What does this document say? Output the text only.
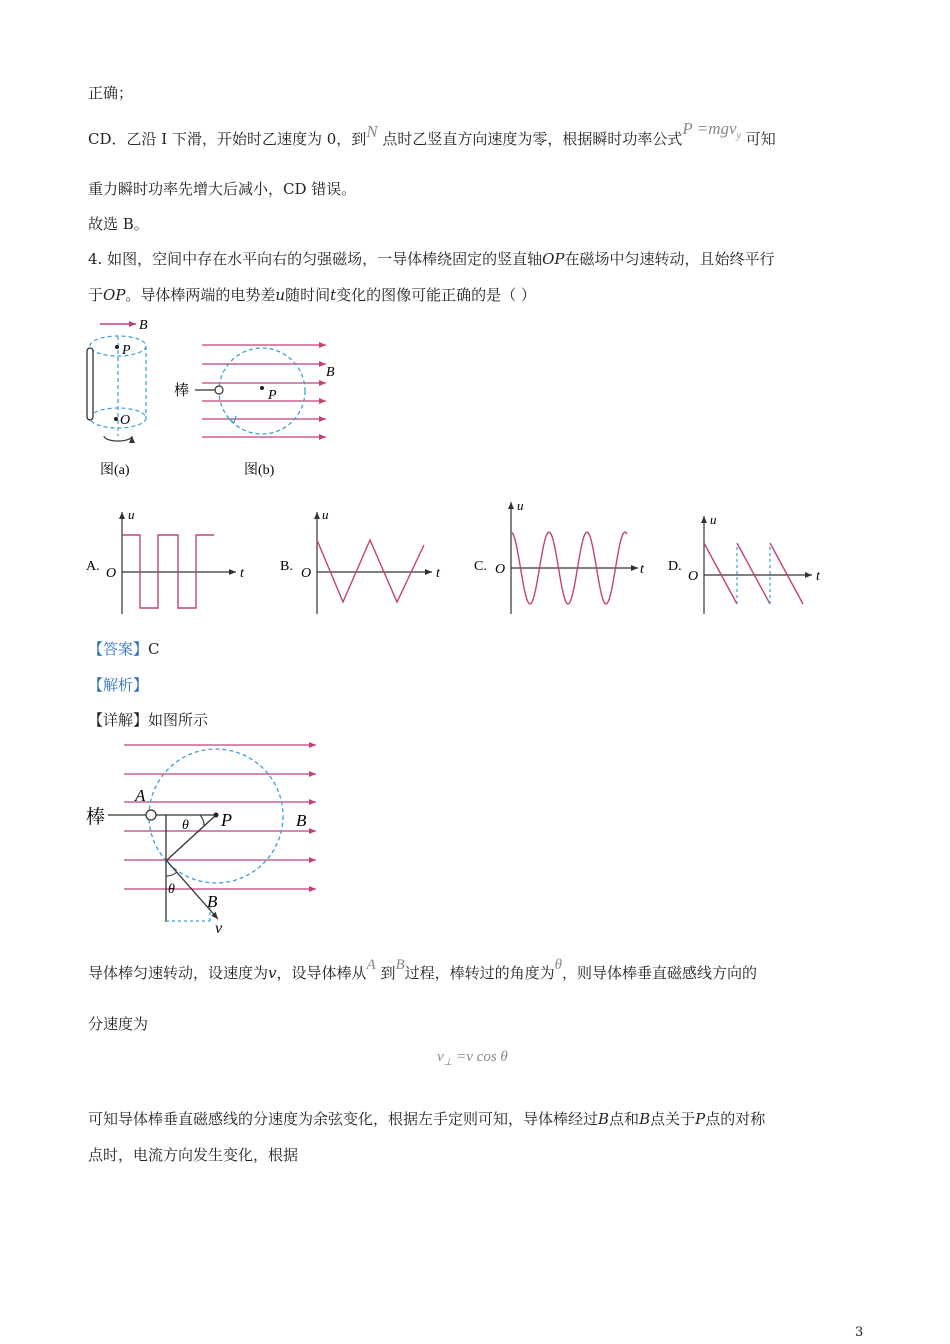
正确；
CD．乙沿 I 下滑，开始时乙速度为 0，到N 点时乙竖直方向速度为零，根据瞬时功率公式P =mgv$_y$ 可知
重力瞬时功率先增大后减小，CD 错误。
故选 B。
4. 如图，空间中存在水平向右的匀强磁场，一导体棒绕固定的竖直轴OP在磁场中匀速转动，且始终平行
于OP。导体棒两端的电势差u随时间t变化的图像可能正确的是（ ）
【答案】C
【解析】
【详解】如图所示
导体棒匀速转动，设速度为v，设导体棒从A 到B过程，棒转过的角度为θ，则导体棒垂直磁感线方向的
分速度为
$v_\perp =v$ cos θ
可知导体棒垂直磁感线的分速度为余弦变化，根据左手定则可知，导体棒经过B点和B点关于P点的对称
点时，电流方向发生变化，根据
3
B
P
O
图(a)
棒	P
B
图(b)
A.
u
O	t	B.
u
O	t C.
u
O	t D.
u
O	t
棒
A
P
θ	B
θ
B
v
